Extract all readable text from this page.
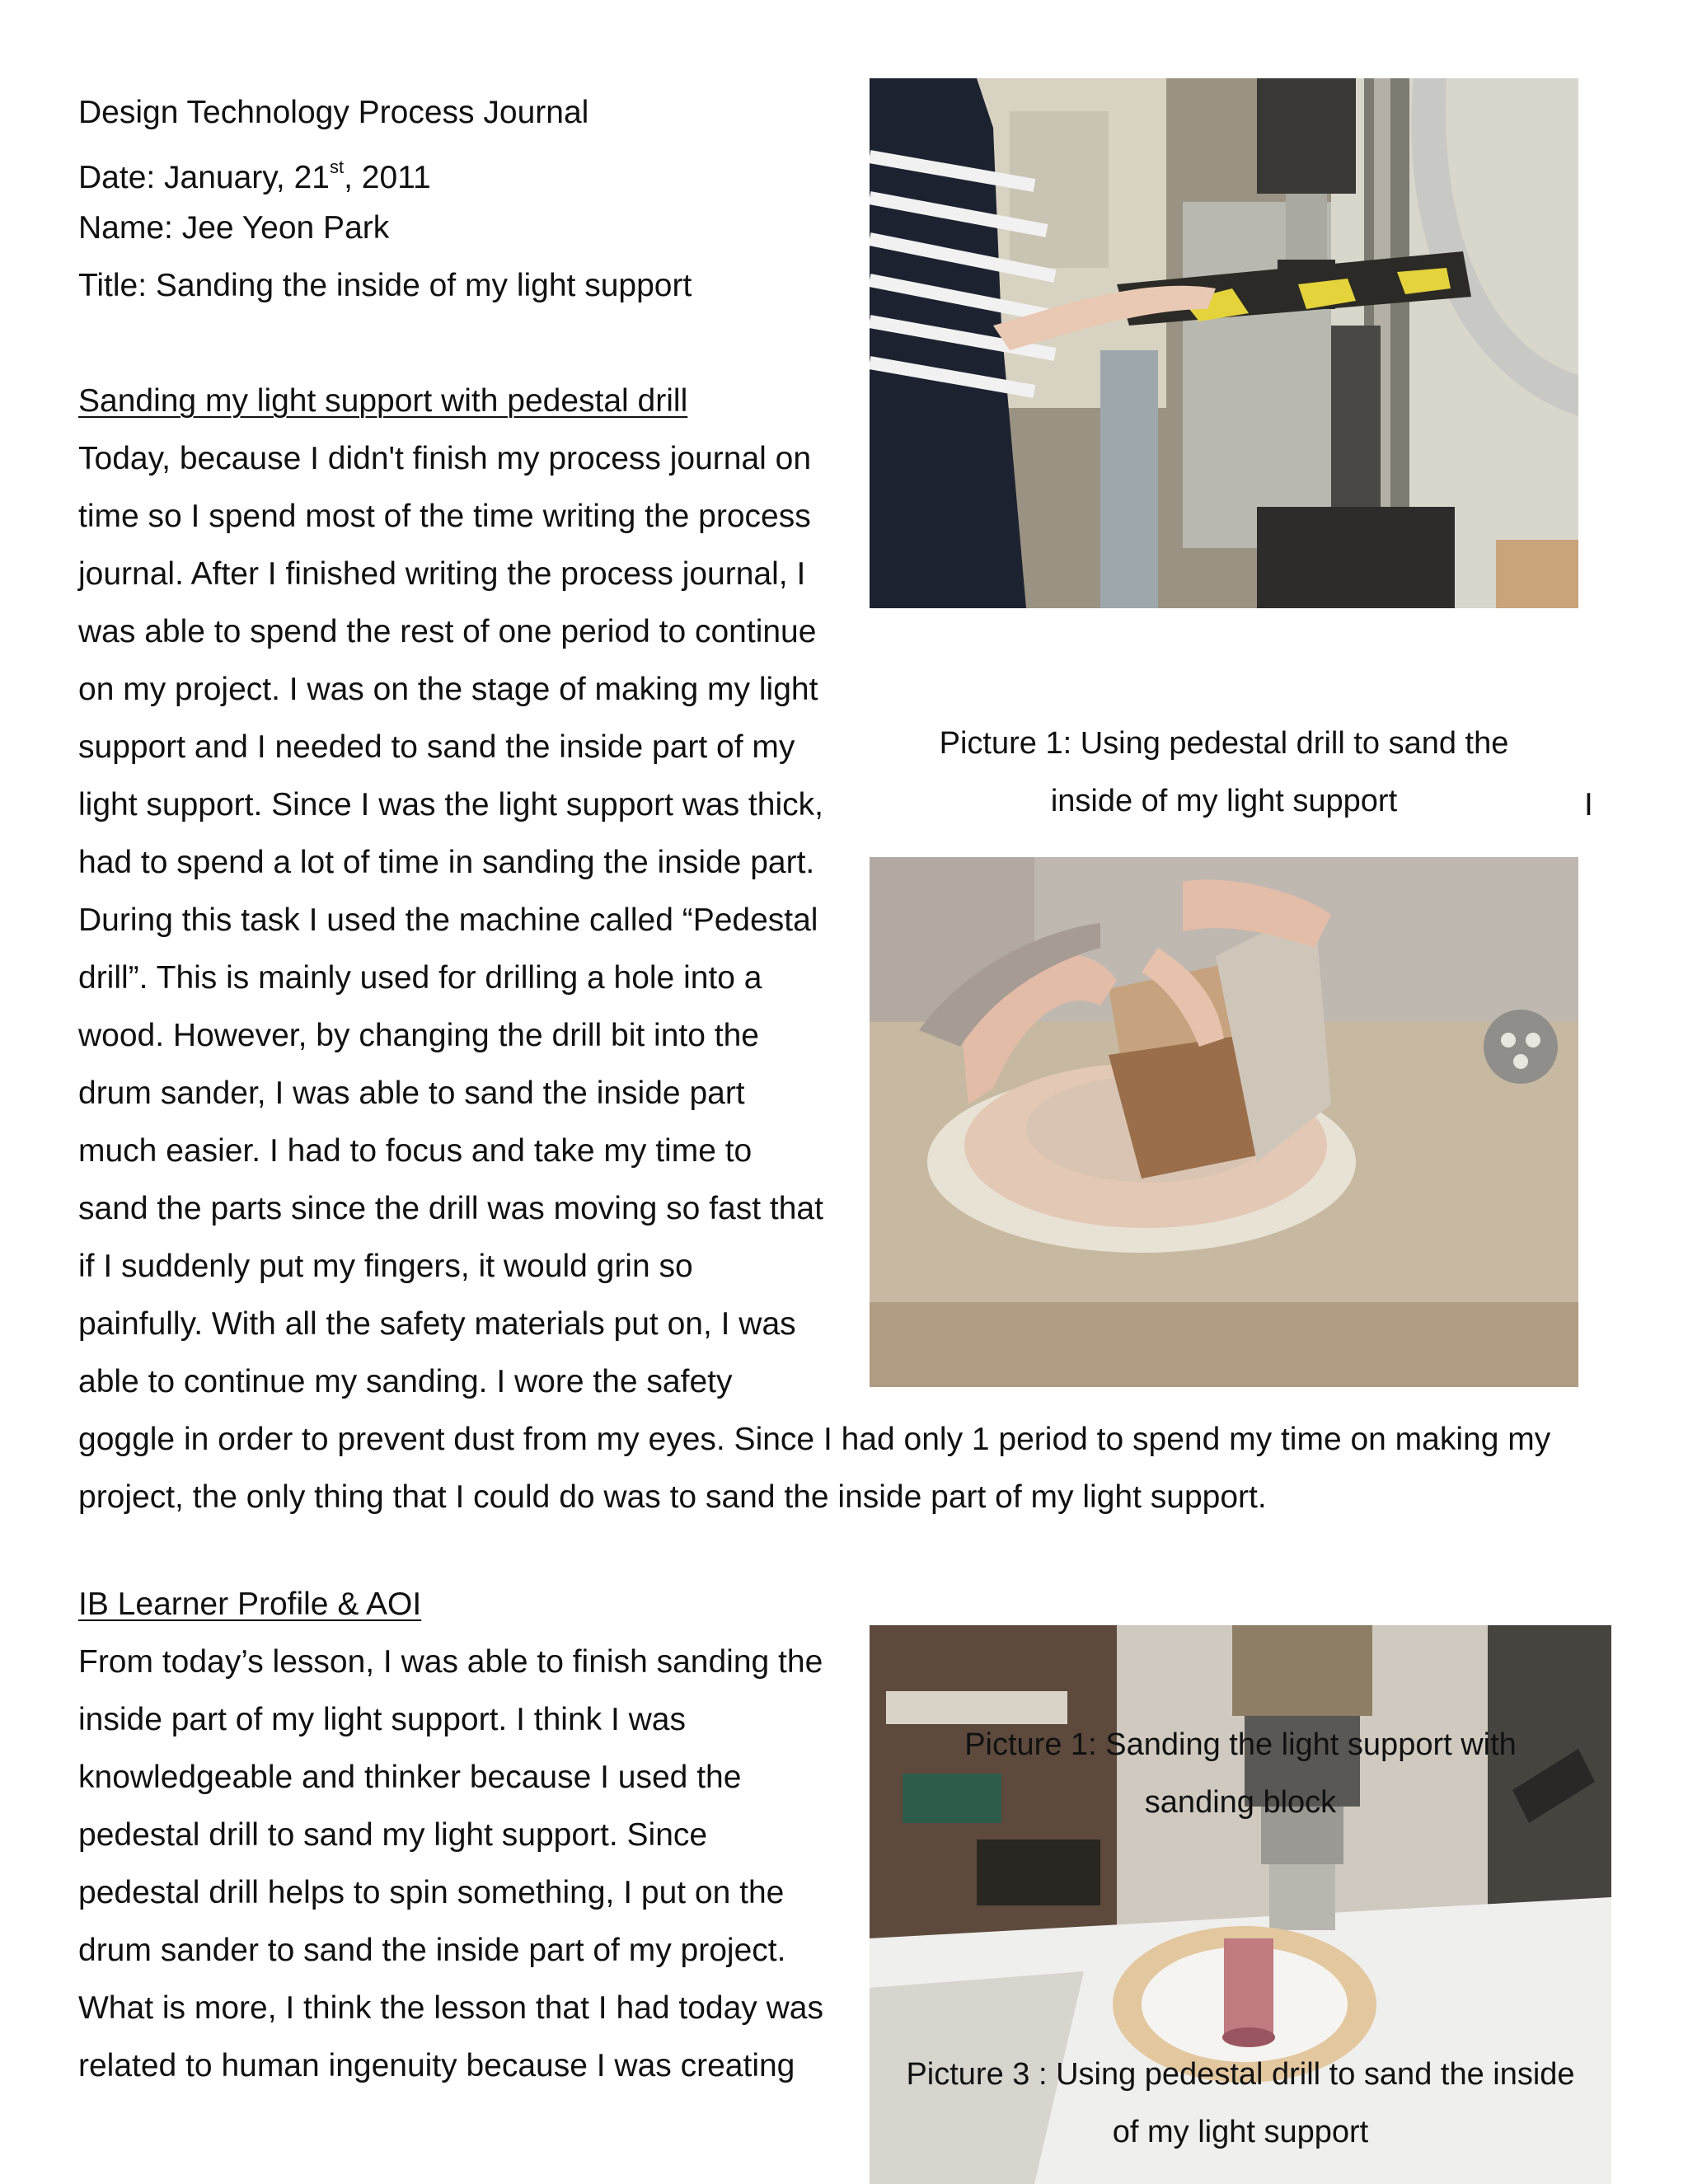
Design Technology Process Journal
Date: January, 21st, 2011
Name: Jee Yeon Park
Title: Sanding the inside of my light support
Sanding my light support with pedestal drill
Today, because I didn't finish my process journal on
time so I spend most of the time writing the process
journal. After I finished writing the process journal, I
was able to spend the rest of one period to continue
on my project. I was on the stage of making my light
support and I needed to sand the inside part of my
light support. Since I was the light support was thick,
had to spend a lot of time in sanding the inside part.
During this task I used the machine called “Pedestal
drill”. This is mainly used for drilling a hole into a
wood. However, by changing the drill bit into the
drum sander, I was able to sand the inside part
much easier. I had to focus and take my time to
sand the parts since the drill was moving so fast that
if I suddenly put my fingers, it would grin so
painfully. With all the safety materials put on, I was
able to continue my sanding. I wore the safety
goggle in order to prevent dust from my eyes. Since I had only 1 period to spend my time on making my
project, the only thing that I could do was to sand the inside part of my light support.
I
IB Learner Profile & AOI
From today’s lesson, I was able to finish sanding the
inside part of my light support. I think I was
knowledgeable and thinker because I used the
pedestal drill to sand my light support. Since
pedestal drill helps to spin something, I put on the
drum sander to sand the inside part of my project.
What is more, I think the lesson that I had today was
related to human ingenuity because I was creating
Picture 1: Using pedestal drill to sand the
inside of my light support
Picture 1: Sanding the light support with
sanding block
Picture 3 : Using pedestal drill to sand the inside
of my light support
